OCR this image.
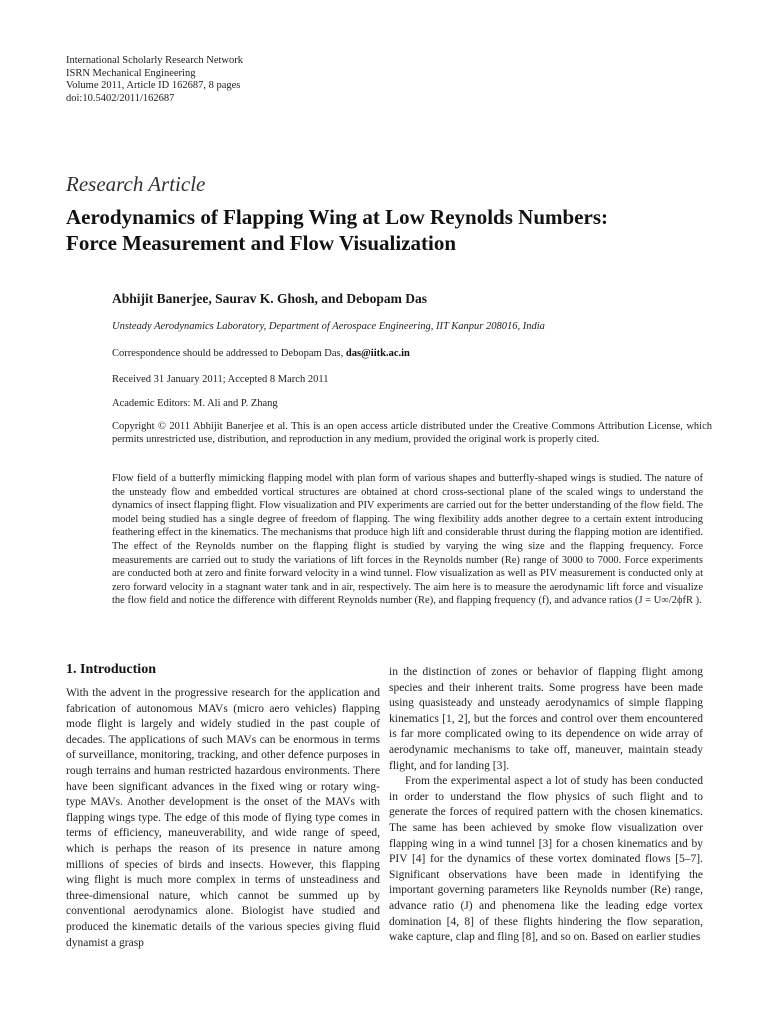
International Scholarly Research Network
ISRN Mechanical Engineering
Volume 2011, Article ID 162687, 8 pages
doi:10.5402/2011/162687
Research Article
Aerodynamics of Flapping Wing at Low Reynolds Numbers:
Force Measurement and Flow Visualization
Abhijit Banerjee, Saurav K. Ghosh, and Debopam Das
Unsteady Aerodynamics Laboratory, Department of Aerospace Engineering, IIT Kanpur 208016, India
Correspondence should be addressed to Debopam Das, das@iitk.ac.in
Received 31 January 2011; Accepted 8 March 2011
Academic Editors: M. Ali and P. Zhang
Copyright © 2011 Abhijit Banerjee et al. This is an open access article distributed under the Creative Commons Attribution License, which permits unrestricted use, distribution, and reproduction in any medium, provided the original work is properly cited.
Flow field of a butterfly mimicking flapping model with plan form of various shapes and butterfly-shaped wings is studied. The nature of the unsteady flow and embedded vortical structures are obtained at chord cross-sectional plane of the scaled wings to understand the dynamics of insect flapping flight. Flow visualization and PIV experiments are carried out for the better understanding of the flow field. The model being studied has a single degree of freedom of flapping. The wing flexibility adds another degree to a certain extent introducing feathering effect in the kinematics. The mechanisms that produce high lift and considerable thrust during the flapping motion are identified. The effect of the Reynolds number on the flapping flight is studied by varying the wing size and the flapping frequency. Force measurements are carried out to study the variations of lift forces in the Reynolds number (Re) range of 3000 to 7000. Force experiments are conducted both at zero and finite forward velocity in a wind tunnel. Flow visualization as well as PIV measurement is conducted only at zero forward velocity in a stagnant water tank and in air, respectively. The aim here is to measure the aerodynamic lift force and visualize the flow field and notice the difference with different Reynolds number (Re), and flapping frequency (f), and advance ratios (J = U∞/2ϕfR ).
1. Introduction

With the advent in the progressive research for the application and fabrication of autonomous MAVs (micro aero vehicles) flapping mode flight is largely and widely studied in the past couple of decades. The applications of such MAVs can be enormous in terms of surveillance, monitoring, tracking, and other defence purposes in rough terrains and human restricted hazardous environments. There have been significant advances in the fixed wing or rotary wing-type MAVs. Another development is the onset of the MAVs with flapping wings type. The edge of this mode of flying type comes in terms of efficiency, maneuverability, and wide range of speed, which is perhaps the reason of its presence in nature among millions of species of birds and insects. However, this flapping wing flight is much more complex in terms of unsteadiness and three-dimensional nature, which cannot be summed up by conventional aerodynamics alone. Biologist have studied and produced the kinematic details of the various species giving fluid dynamist a grasp

in the distinction of zones or behavior of flapping flight among species and their inherent traits. Some progress have been made using quasisteady and unsteady aerodynamics of simple flapping kinematics [1, 2], but the forces and control over them encountered is far more complicated owing to its dependence on wide array of aerodynamic mechanisms to take off, maneuver, maintain steady flight, and for landing [3].

From the experimental aspect a lot of study has been conducted in order to understand the flow physics of such flight and to generate the forces of required pattern with the chosen kinematics. The same has been achieved by smoke flow visualization over flapping wing in a wind tunnel [3] for a chosen kinematics and by PIV [4] for the dynamics of these vortex dominated flows [5–7]. Significant observations have been made in identifying the important governing parameters like Reynolds number (Re) range, advance ratio (J) and phenomena like the leading edge vortex domination [4, 8] of these flights hindering the flow separation, wake capture, clap and fling [8], and so on. Based on earlier studies
